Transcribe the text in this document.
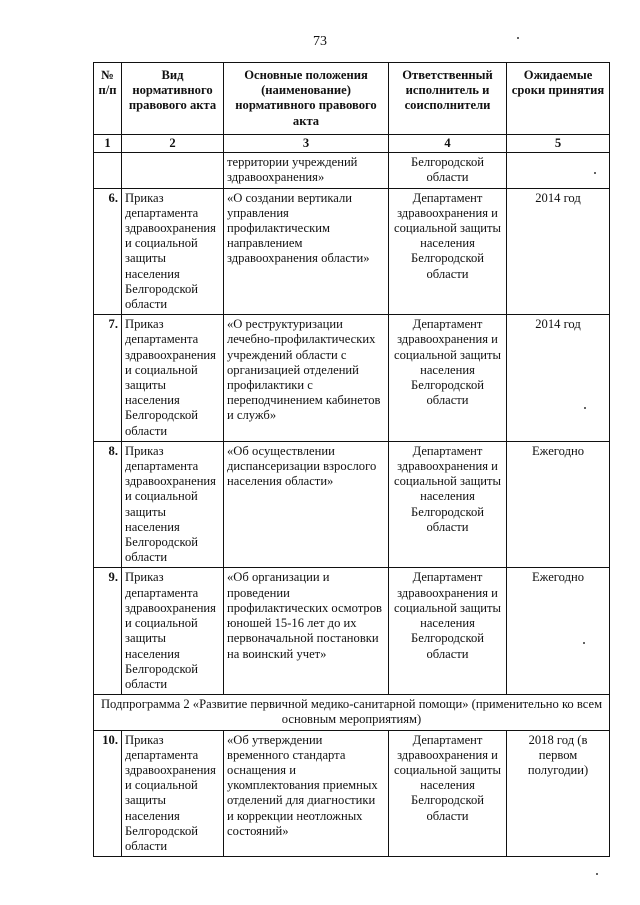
73
№ п/п	Вид нормативного правового акта	Основные положения (наименование) нормативного правового акта	Ответственный исполнитель и соисполнители	Ожидаемые сроки принятия
1	2	3	4	5
		территории учреждений здравоохранения»	Белгородской области	
6.	Приказ департамента здравоохранения и социальной защиты населения Белгородской области	«О создании вертикали управления профилактическим направлением здравоохранения области»	Департамент здравоохранения и социальной защиты населения Белгородской области	2014 год
7.	Приказ департамента здравоохранения и социальной защиты населения Белгородской области	«О реструктуризации лечебно-профилактических учреждений области с организацией отделений профилактики с переподчинением кабинетов и служб»	Департамент здравоохранения и социальной защиты населения Белгородской области	2014 год
8.	Приказ департамента здравоохранения и социальной защиты населения Белгородской области	«Об осуществлении диспансеризации взрослого населения области»	Департамент здравоохранения и социальной защиты населения Белгородской области	Ежегодно
9.	Приказ департамента здравоохранения и социальной защиты населения Белгородской области	«Об организации и проведении профилактических осмотров юношей 15-16 лет до их первоначальной постановки на воинский учет»	Департамент здравоохранения и социальной защиты населения Белгородской области	Ежегодно
Подпрограмма 2 «Развитие первичной медико-санитарной помощи» (применительно ко всем основным мероприятиям)				
10.	Приказ департамента здравоохранения и социальной защиты населения Белгородской области	«Об утверждении временного стандарта оснащения и укомплектования приемных отделений для диагностики и коррекции неотложных состояний»	Департамент здравоохранения и социальной защиты населения Белгородской области	2018 год (в первом полугодии)
